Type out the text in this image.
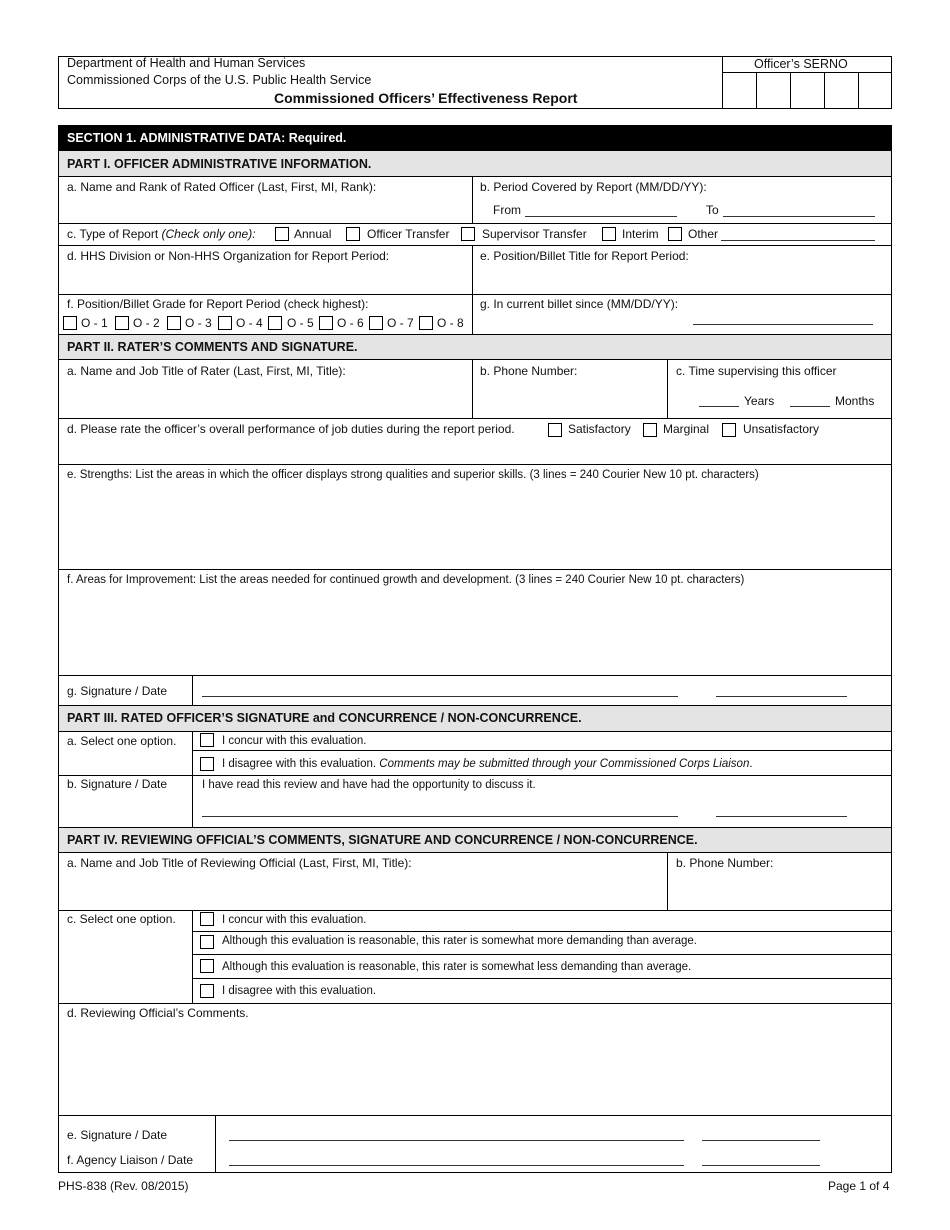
Department of Health and Human Services
Commissioned Corps of the U.S. Public Health Service
Commissioned Officers’ Effectiveness Report
Officer’s SERNO
SECTION 1. ADMINISTRATIVE DATA: Required.
PART I. OFFICER ADMINISTRATIVE INFORMATION.
a. Name and Rank of Rated Officer (Last, First, MI, Rank):	b. Period Covered by Report (MM/DD/YY):
From	To
c. Type of Report (Check only one):	Annual	Officer Transfer	Supervisor Transfer	Interim Other
d. HHS Division or Non-HHS Organization for Report Period:	e. Position/Billet Title for Report Period:
f. Position/Billet Grade for Report Period (check highest):
O - 1 O - 2 O - 3 O - 4 O - 5 O - 6 O - 7 O - 8
g. In current billet since (MM/DD/YY):
PART II. RATER’S COMMENTS AND SIGNATURE.
a. Name and Job Title of Rater (Last, First, MI, Title):	b. Phone Number:	c. Time supervising this officer
Years	Months
d. Please rate the officer’s overall performance of job duties during the report period.	Satisfactory	Marginal	Unsatisfactory
e. Strengths: List the areas in which the officer displays strong qualities and superior skills. (3 lines = 240 Courier New 10 pt. characters)
f. Areas for Improvement: List the areas needed for continued growth and development. (3 lines = 240 Courier New 10 pt. characters)
g. Signature / Date
PART III. RATED OFFICER’S SIGNATURE and CONCURRENCE / NON-CONCURRENCE.
a. Select one option.	I concur with this evaluation.
I disagree with this evaluation. Comments may be submitted through your Commissioned Corps Liaison.
b. Signature / Date	I have read this review and have had the opportunity to discuss it.
PART IV. REVIEWING OFFICIAL’S COMMENTS, SIGNATURE AND CONCURRENCE / NON-CONCURRENCE.
a. Name and Job Title of Reviewing Official (Last, First, MI, Title):	b. Phone Number:
c. Select one option.	I concur with this evaluation.
Although this evaluation is reasonable, this rater is somewhat more demanding than average.
Although this evaluation is reasonable, this rater is somewhat less demanding than average.
I disagree with this evaluation.
d. Reviewing Official’s Comments.
e. Signature / Date
f. Agency Liaison / Date
PHS-838 (Rev. 08/2015)	Page 1 of 4
